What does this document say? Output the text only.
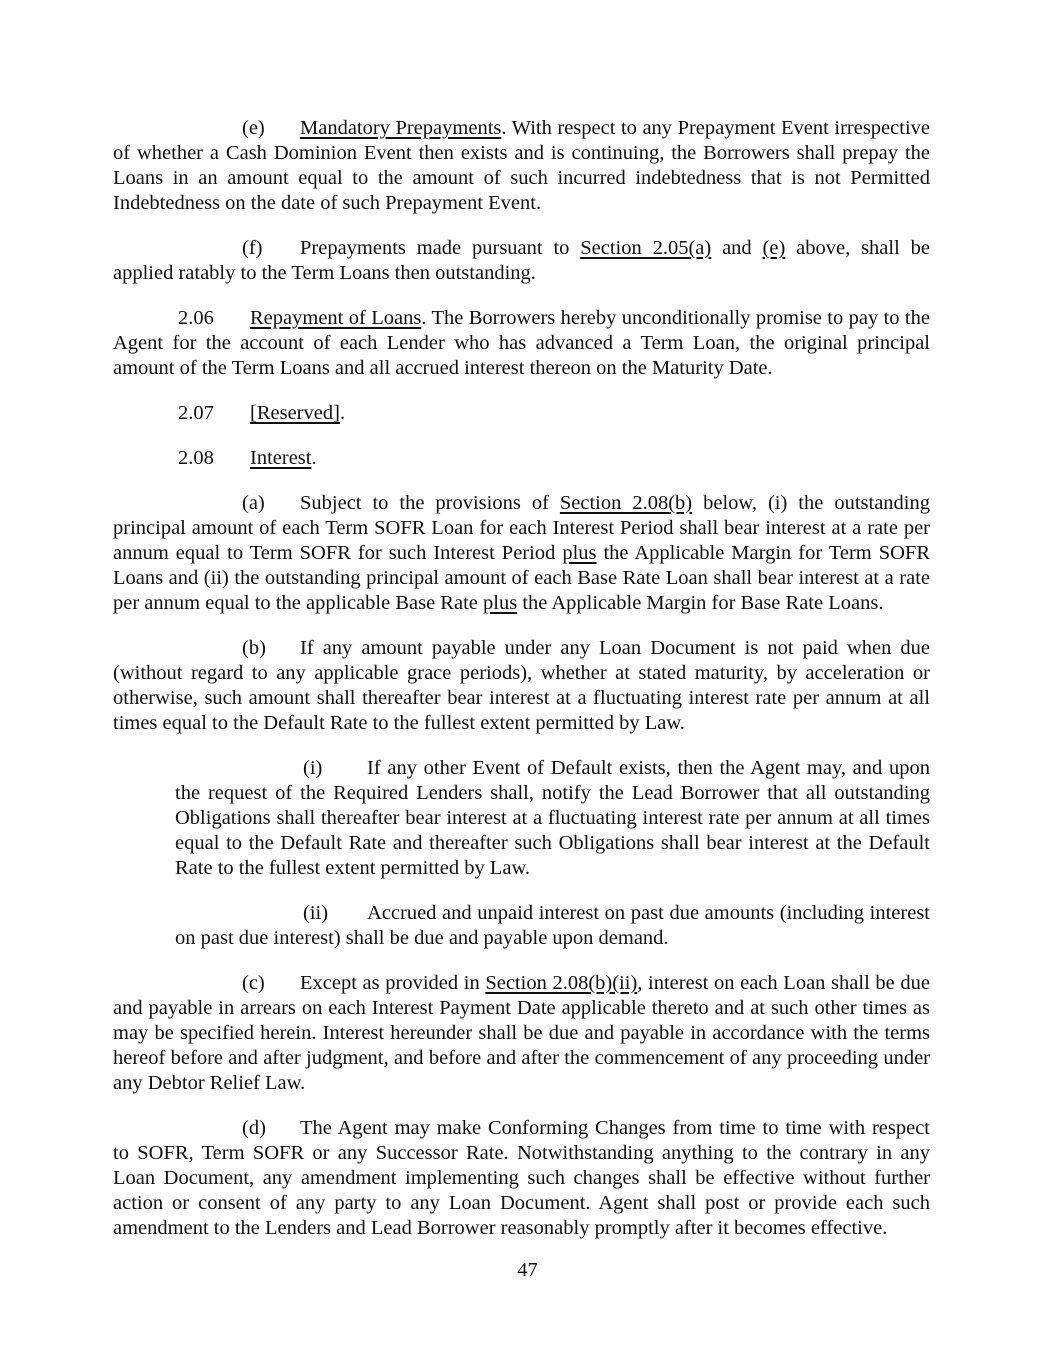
(e) Mandatory Prepayments. With respect to any Prepayment Event irrespective of whether a Cash Dominion Event then exists and is continuing, the Borrowers shall prepay the Loans in an amount equal to the amount of such incurred indebtedness that is not Permitted Indebtedness on the date of such Prepayment Event.

(f) Prepayments made pursuant to Section 2.05(a) and (e) above, shall be applied ratably to the Term Loans then outstanding.

2.06 Repayment of Loans. The Borrowers hereby unconditionally promise to pay to the Agent for the account of each Lender who has advanced a Term Loan, the original principal amount of the Term Loans and all accrued interest thereon on the Maturity Date.

2.07 [Reserved].

2.08 Interest.

(a) Subject to the provisions of Section 2.08(b) below, (i) the outstanding principal amount of each Term SOFR Loan for each Interest Period shall bear interest at a rate per annum equal to Term SOFR for such Interest Period plus the Applicable Margin for Term SOFR Loans and (ii) the outstanding principal amount of each Base Rate Loan shall bear interest at a rate per annum equal to the applicable Base Rate plus the Applicable Margin for Base Rate Loans.

(b) If any amount payable under any Loan Document is not paid when due (without regard to any applicable grace periods), whether at stated maturity, by acceleration or otherwise, such amount shall thereafter bear interest at a fluctuating interest rate per annum at all times equal to the Default Rate to the fullest extent permitted by Law.

(i) If any other Event of Default exists, then the Agent may, and upon the request of the Required Lenders shall, notify the Lead Borrower that all outstanding Obligations shall thereafter bear interest at a fluctuating interest rate per annum at all times equal to the Default Rate and thereafter such Obligations shall bear interest at the Default Rate to the fullest extent permitted by Law.

(ii) Accrued and unpaid interest on past due amounts (including interest on past due interest) shall be due and payable upon demand.

(c) Except as provided in Section 2.08(b)(ii), interest on each Loan shall be due and payable in arrears on each Interest Payment Date applicable thereto and at such other times as may be specified herein. Interest hereunder shall be due and payable in accordance with the terms hereof before and after judgment, and before and after the commencement of any proceeding under any Debtor Relief Law.

(d) The Agent may make Conforming Changes from time to time with respect to SOFR, Term SOFR or any Successor Rate. Notwithstanding anything to the contrary in any Loan Document, any amendment implementing such changes shall be effective without further action or consent of any party to any Loan Document. Agent shall post or provide each such amendment to the Lenders and Lead Borrower reasonably promptly after it becomes effective.

47
